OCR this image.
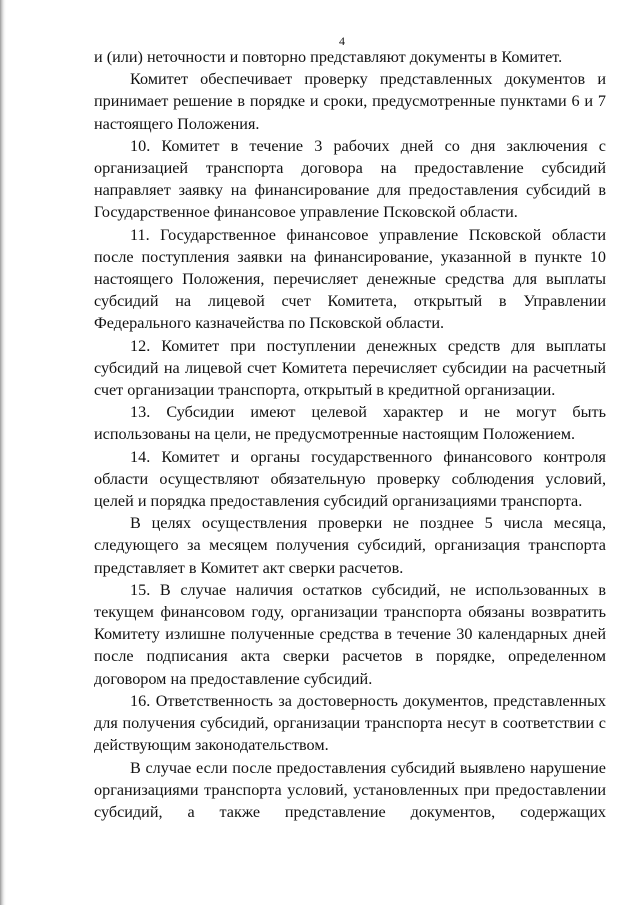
4

и (или) неточности и повторно представляют документы в Комитет.

Комитет обеспечивает проверку представленных документов и принимает решение в порядке и сроки, предусмотренные пунктами 6 и 7 настоящего Положения.

10. Комитет в течение 3 рабочих дней со дня заключения с организацией транспорта договора на предоставление субсидий направляет заявку на финансирование для предоставления субсидий в Государственное финансовое управление Псковской области.

11. Государственное финансовое управление Псковской области после поступления заявки на финансирование, указанной в пункте 10 настоящего Положения, перечисляет денежные средства для выплаты субсидий на лицевой счет Комитета, открытый в Управлении Федерального казначейства по Псковской области.

12. Комитет при поступлении денежных средств для выплаты субсидий на лицевой счет Комитета перечисляет субсидии на расчетный счет организации транспорта, открытый в кредитной организации.

13. Субсидии имеют целевой характер и не могут быть использованы на цели, не предусмотренные настоящим Положением.

14. Комитет и органы государственного финансового контроля области осуществляют обязательную проверку соблюдения условий, целей и порядка предоставления субсидий организациями транспорта.

В целях осуществления проверки не позднее 5 числа месяца, следующего за месяцем получения субсидий, организация транспорта представляет в Комитет акт сверки расчетов.

15. В случае наличия остатков субсидий, не использованных в текущем финансовом году, организации транспорта обязаны возвратить Комитету излишне полученные средства в течение 30 календарных дней после подписания акта сверки расчетов в порядке, определенном договором на предоставление субсидий.

16. Ответственность за достоверность документов, представленных для получения субсидий, организации транспорта несут в соответствии с действующим законодательством.

В случае если после предоставления субсидий выявлено нарушение организациями транспорта условий, установленных при предоставлении субсидий, а также представление документов, содержащих
